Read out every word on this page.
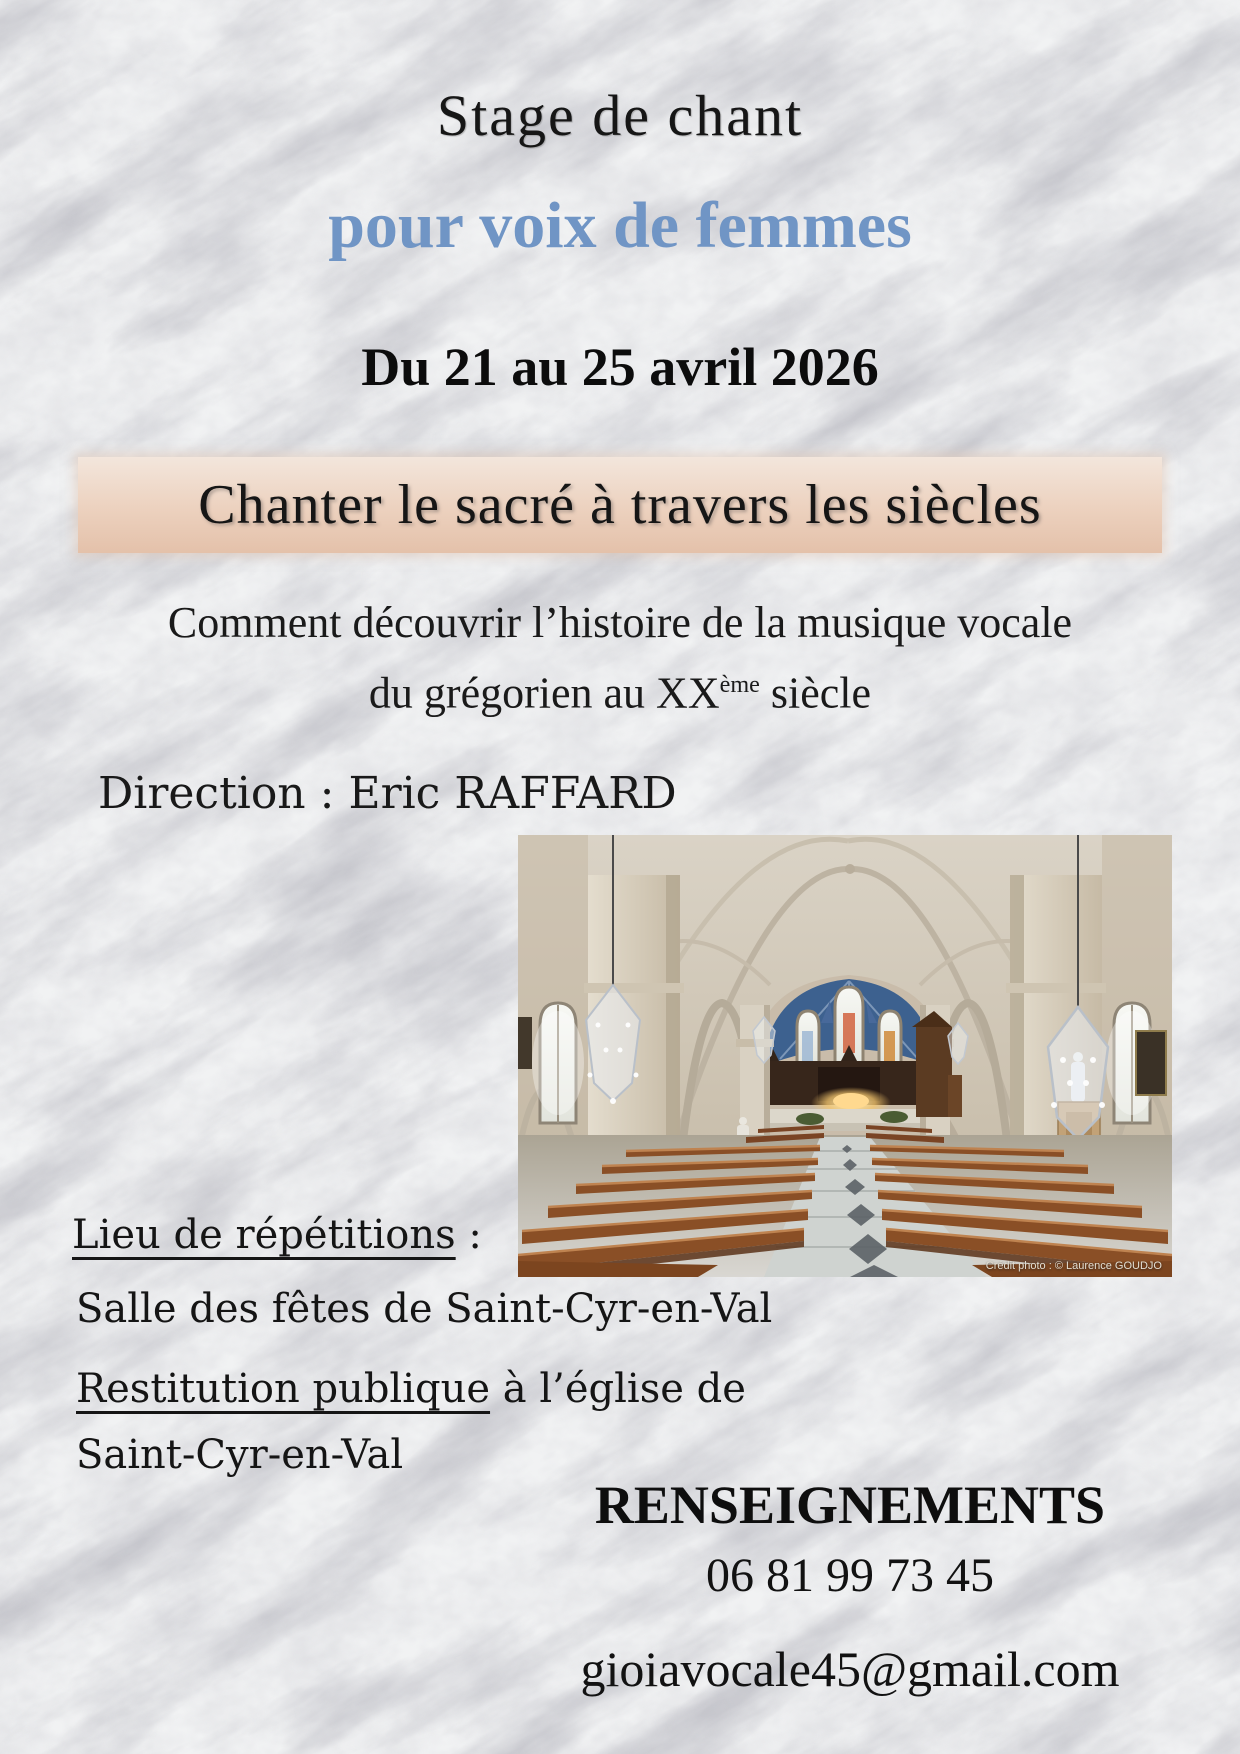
Stage de chant
pour voix de femmes
Du 21 au 25 avril 2026
Chanter le sacré à travers les siècles
Comment découvrir l’histoire de la musique vocale
du grégorien au XXème siècle
Direction : Eric RAFFARD
Crédit photo : © Laurence GOUDJO
Lieu de répétitions :
Salle des fêtes de Saint-Cyr-en-Val
Restitution publique à l’église de
Saint-Cyr-en-Val
RENSEIGNEMENTS
06 81 99 73 45
gioiavocale45@gmail.com
